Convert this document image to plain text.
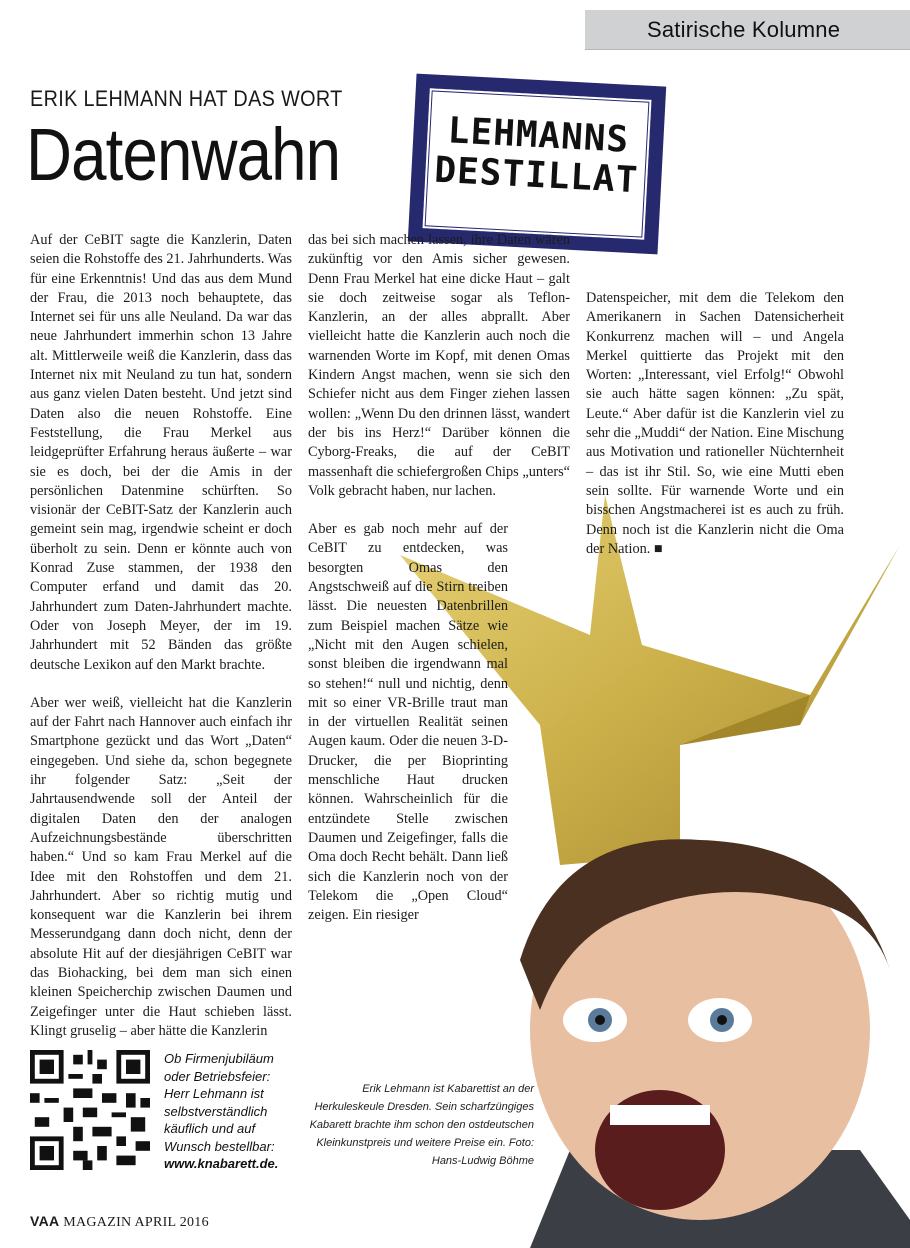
Satirische Kolumne
ERIK LEHMANN HAT DAS WORT
Datenwahn	LEHMANNS
DESTILLAT

Auf der CeBIT sagte die Kanzlerin, Daten seien die Rohstoffe des 21. Jahrhunderts. Was für eine Erkenntnis! Und das aus dem Mund der Frau, die 2013 noch behauptete, das Internet sei für uns alle Neuland. Da war das neue Jahrhundert immerhin schon 13 Jahre alt. Mittlerweile weiß die Kanzlerin, dass das Internet nix mit Neuland zu tun hat, sondern aus ganz vielen Daten besteht. Und jetzt sind Daten also die neuen Rohstoffe. Eine Feststellung, die Frau Merkel aus leidgeprüfter Erfahrung heraus äußerte – war sie es doch, bei der die Amis in der persönlichen Datenmine schürften. So visionär der CeBIT-Satz der Kanzlerin auch gemeint sein mag, irgendwie scheint er doch überholt zu sein. Denn er könnte auch von Konrad Zuse stammen, der 1938 den Computer erfand und damit das 20. Jahrhundert zum Daten-Jahrhundert machte. Oder von Joseph Meyer, der im 19. Jahrhundert mit 52 Bänden das größte deutsche Lexikon auf den Markt brachte.

Aber wer weiß, vielleicht hat die Kanzlerin auf der Fahrt nach Hannover auch einfach ihr Smartphone gezückt und das Wort „Daten“ eingegeben. Und siehe da, schon begegnete ihr folgender Satz: „Seit der Jahrtausendwende soll der Anteil der digitalen Daten den der analogen Aufzeichnungsbestände überschritten haben.“ Und so kam Frau Merkel auf die Idee mit den Rohstoffen und dem 21. Jahrhundert. Aber so richtig mutig und konsequent war die Kanzlerin bei ihrem Messerundgang dann doch nicht, denn der absolute Hit auf der diesjährigen CeBIT war das Biohacking, bei dem man sich einen kleinen Speicherchip zwischen Daumen und Zeigefinger unter die Haut schieben lässt. Klingt gruselig – aber hätte die Kanzlerin

das bei sich machen lassen, ihre Daten wären zukünftig vor den Amis sicher gewesen. Denn Frau Merkel hat eine dicke Haut – galt sie doch zeitweise sogar als Teflon-Kanzlerin, an der alles abprallt. Aber vielleicht hatte die Kanzlerin auch noch die warnenden Worte im Kopf, mit denen Omas Kindern Angst machen, wenn sie sich den Schiefer nicht aus dem Finger ziehen lassen wollen: „Wenn Du den drinnen lässt, wandert der bis ins Herz!“ Darüber können die Cyborg-Freaks, die auf der CeBIT massenhaft die schiefergroßen Chips „unters“ Volk gebracht haben, nur lachen.

Aber es gab noch mehr auf der CeBIT zu entdecken, was besorgten Omas den Angstschweiß auf die Stirn treiben lässt. Die neuesten Datenbrillen zum Beispiel machen Sätze wie „Nicht mit den Augen schielen, sonst bleiben die irgendwann mal so stehen!“ null und nichtig, denn mit so einer VR-Brille traut man in der virtuellen Realität seinen Augen kaum. Oder die neuen 3-D-Drucker, die per Bioprinting menschliche Haut drucken können. Wahrscheinlich für die entzündete Stelle zwischen Daumen und Zeigefinger, falls die Oma doch Recht behält. Dann ließ sich die Kanzlerin noch von der Telekom die „Open Cloud“ zeigen. Ein riesiger

Datenspeicher, mit dem die Telekom den Amerikanern in Sachen Datensicherheit Konkurrenz machen will – und Angela Merkel quittierte das Projekt mit den Worten: „Interessant, viel Erfolg!“ Obwohl sie auch hätte sagen können: „Zu spät, Leute.“ Aber dafür ist die Kanzlerin viel zu sehr die „Muddi“ der Nation. Eine Mischung aus Motivation und rationeller Nüchternheit – das ist ihr Stil. So, wie eine Mutti eben sein sollte. Für warnende Worte und ein bisschen Angstmacherei ist es auch zu früh. Denn noch ist die Kanzlerin nicht die Oma der Nation. ■

Ob Firmenjubiläum
oder Betriebsfeier:
Herr Lehmann ist
selbstverständlich
käuflich und auf
Wunsch bestellbar:
www.knabarett.de.
Erik Lehmann ist Kabarettist an der Herkuleskeule Dresden. Sein scharfzüngiges Kabarett brachte ihm schon den ostdeutschen Kleinkunstpreis und weitere Preise ein. Foto: Hans-Ludwig Böhme
VAA MAGAZIN APRIL 2016
